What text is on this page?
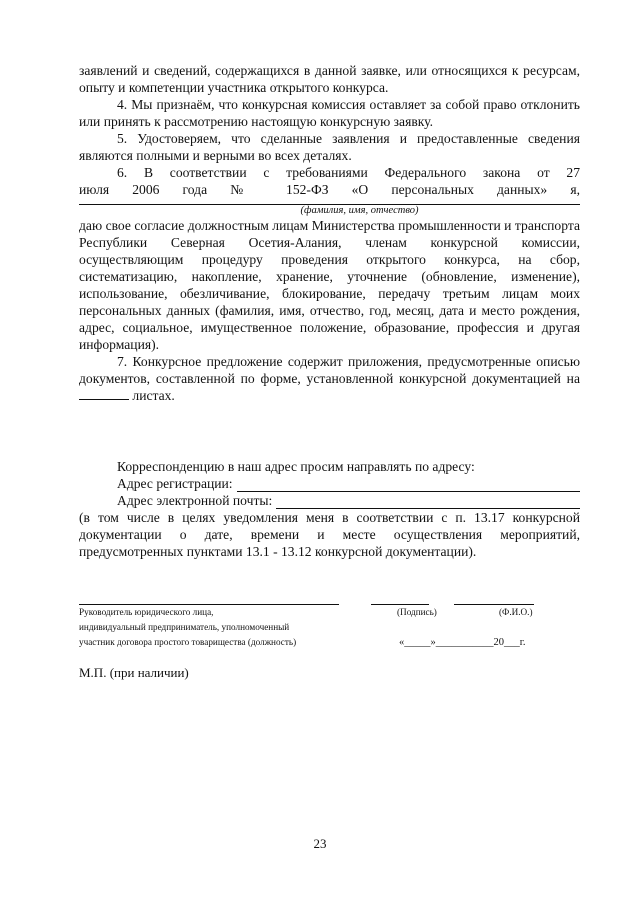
заявлений и сведений, содержащихся в данной заявке, или относящихся к ресурсам, опыту и компетенции участника открытого конкурса.

4. Мы признаём, что конкурсная комиссия оставляет за собой право отклонить или принять к рассмотрению настоящую конкурсную заявку.

5. Удостоверяем, что сделанные заявления и предоставленные сведения являются полными и верными во всех деталях.

6. В соответствии с требованиями Федерального закона от 27

июля 2006 года № 152-ФЗ «О персональных данных» я,

(фамилия, имя, отчество)

даю свое согласие должностным лицам Министерства промышленности и транспорта Республики Северная Осетия-Алания, членам конкурсной комиссии, осуществляющим процедуру проведения открытого конкурса, на сбор, систематизацию, накопление, хранение, уточнение (обновление, изменение), использование, обезличивание, блокирование, передачу третьим лицам моих персональных данных (фамилия, имя, отчество, год, месяц, дата и место рождения, адрес, социальное, имущественное положение, образование, профессия и другая информация).

7. Конкурсное предложение содержит приложения, предусмотренные описью документов, составленной по форме, установленной конкурсной документацией на  листах.

Корреспонденцию в наш адрес просим направлять по адресу:
Адрес регистрации:
Адрес электронной почты:

(в том числе в целях уведомления меня в соответствии с п. 13.17 конкурсной документации о дате, времени и месте осуществления мероприятий, предусмотренных пунктами 13.1 - 13.12 конкурсной документации).

Руководитель юридического лица,
индивидуальный предприниматель, уполномоченный
участник договора простого товарищества (должность)
(Подпись)	(Ф.И.О.)
«_____»___________20___г.
М.П. (при наличии)
23
